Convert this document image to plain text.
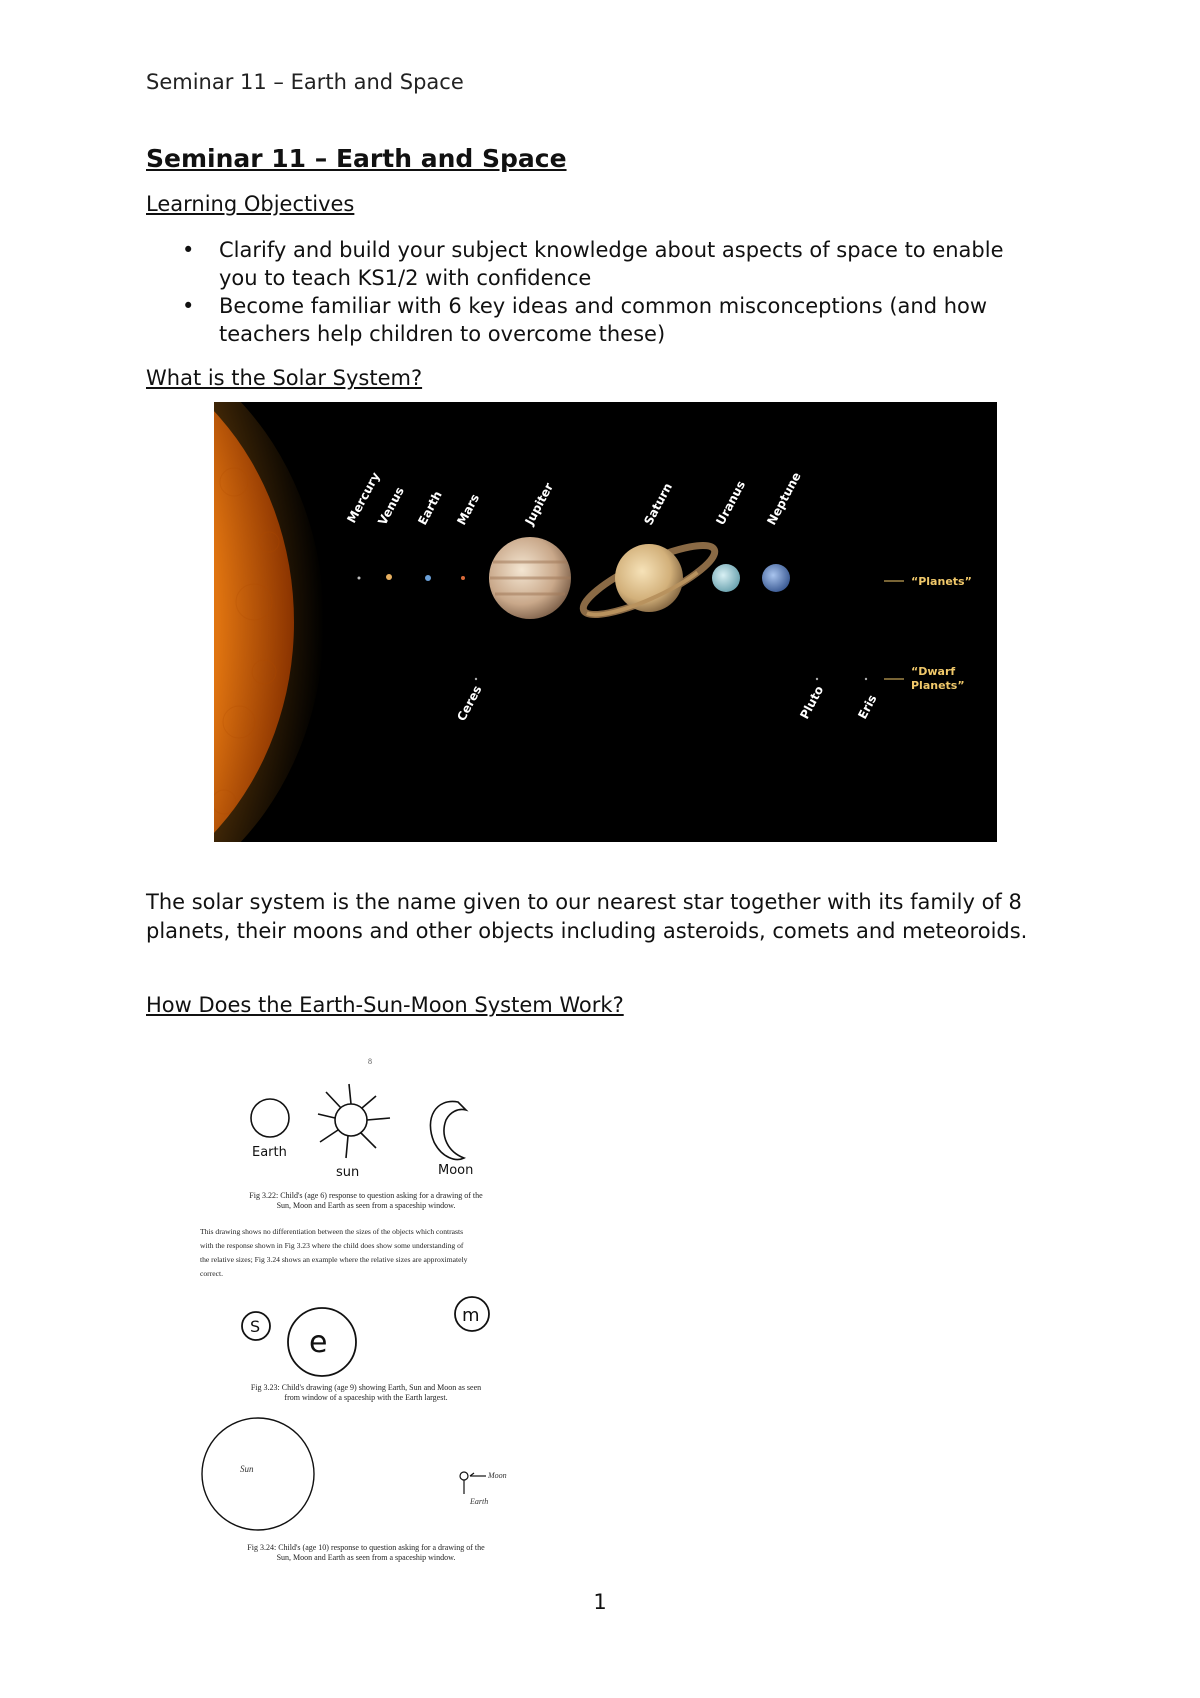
Seminar 11 – Earth and Space
Seminar 11 – Earth and Space
Learning Objectives
• Clarify and build your subject knowledge about aspects of space to enable
you to teach KS1/2 with confidence
• Become familiar with 6 key ideas and common misconceptions (and how
teachers help children to overcome these)
What is the Solar System?
Mercury
Venus Earth Mars	Jupiter	Saturn	Uranus Neptune
Ceres	Pluto Eris
“Planets”
“Dwarf
Planets”
The solar system is the name given to our nearest star together with its family of 8 planets, their moons and other objects including asteroids, comets and meteoroids.
How Does the Earth-Sun-Moon System Work?
8
Earth
sun	Moon
Fig 3.22: Child's (age 6) response to question asking for a drawing of the
Sun, Moon and Earth as seen from a spaceship window.
This drawing shows no differentiation between the sizes of the objects which contrasts
with the response shown in Fig 3.23 where the child does show some understanding of
the relative sizes; Fig 3.24 shows an example where the relative sizes are approximately
correct.
S e
m
Fig 3.23: Child's drawing (age 9) showing Earth, Sun and Moon as seen
from window of a spaceship with the Earth largest.
Sun
Moon
Earth
Fig 3.24: Child's (age 10) response to question asking for a drawing of the
Sun, Moon and Earth as seen from a spaceship window.
1
